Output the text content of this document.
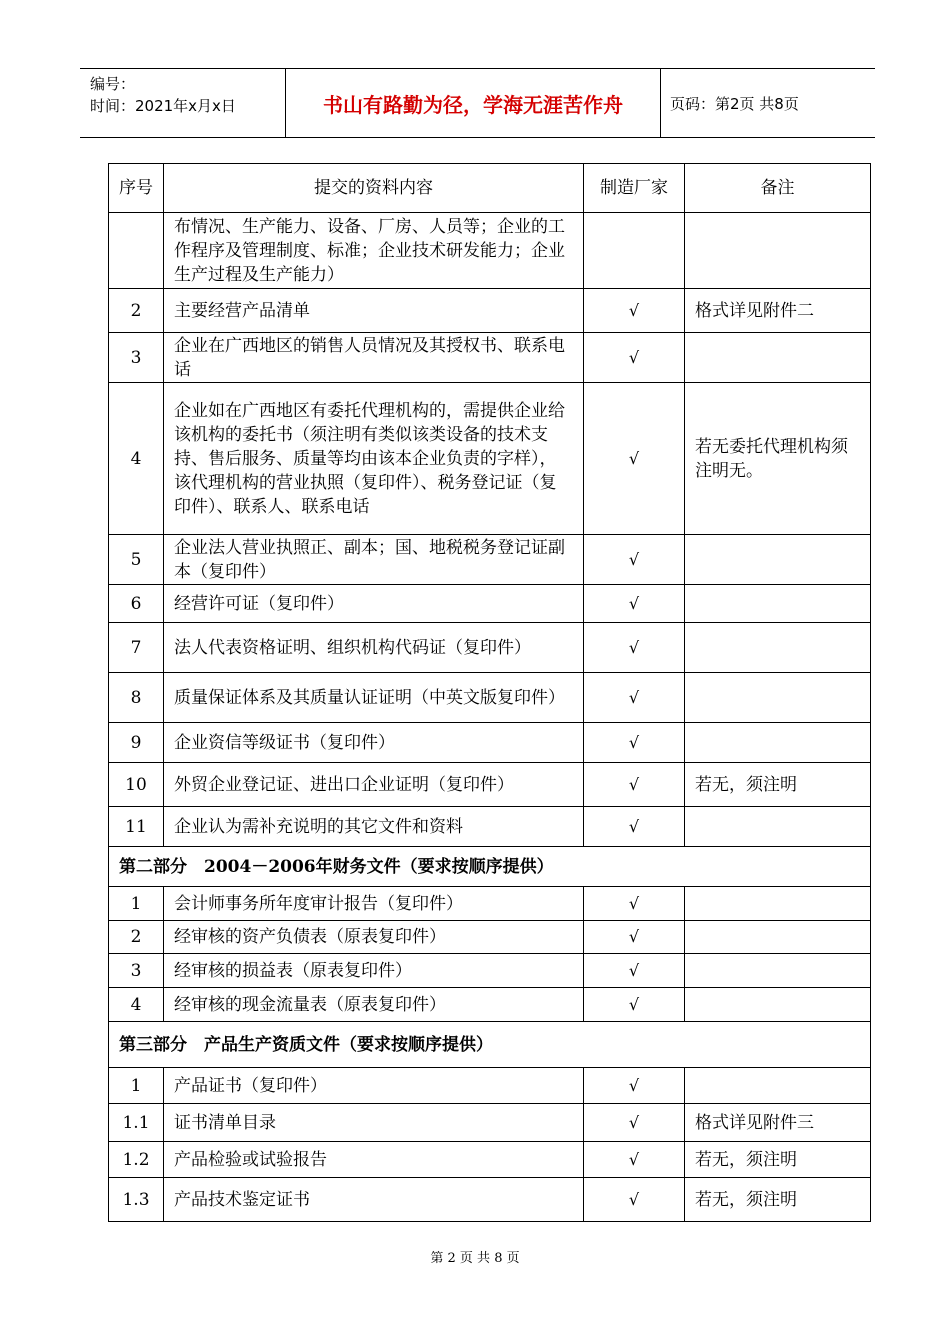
编号：
时间：2021年x月x日	书山有路勤为径，学海无涯苦作舟	页码：第2页 共8页
序号	提交的资料内容	制造厂家	备注
	布情况、生产能力、设备、厂房、人员等；企业的工作程序及管理制度、标准；企业技术研发能力；企业生产过程及生产能力）		
2	主要经营产品清单	√	格式详见附件二
3	企业在广西地区的销售人员情况及其授权书、联系电话	√	
4	企业如在广西地区有委托代理机构的，需提供企业给该机构的委托书（须注明有类似该类设备的技术支持、售后服务、质量等均由该本企业负责的字样），该代理机构的营业执照（复印件）、税务登记证（复印件）、联系人、联系电话	√	若无委托代理机构须注明无。
5	企业法人营业执照正、副本；国、地税税务登记证副本（复印件）	√	
6	经营许可证（复印件）	√	
7	法人代表资格证明、组织机构代码证（复印件）	√	
8	质量保证体系及其质量认证证明（中英文版复印件）	√	
9	企业资信等级证书（复印件）	√	
10	外贸企业登记证、进出口企业证明（复印件）	√	若无，须注明
11	企业认为需补充说明的其它文件和资料	√	
第二部分　2004－2006年财务文件（要求按顺序提供）			
1	会计师事务所年度审计报告（复印件）	√	
2	经审核的资产负债表（原表复印件）	√	
3	经审核的损益表（原表复印件）	√	
4	经审核的现金流量表（原表复印件）	√	
第三部分　产品生产资质文件（要求按顺序提供）			
1	产品证书（复印件）	√	
1.1	证书清单目录	√	格式详见附件三
1.2	产品检验或试验报告	√	若无，须注明
1.3	产品技术鉴定证书	√	若无，须注明
第 2 页 共 8 页
